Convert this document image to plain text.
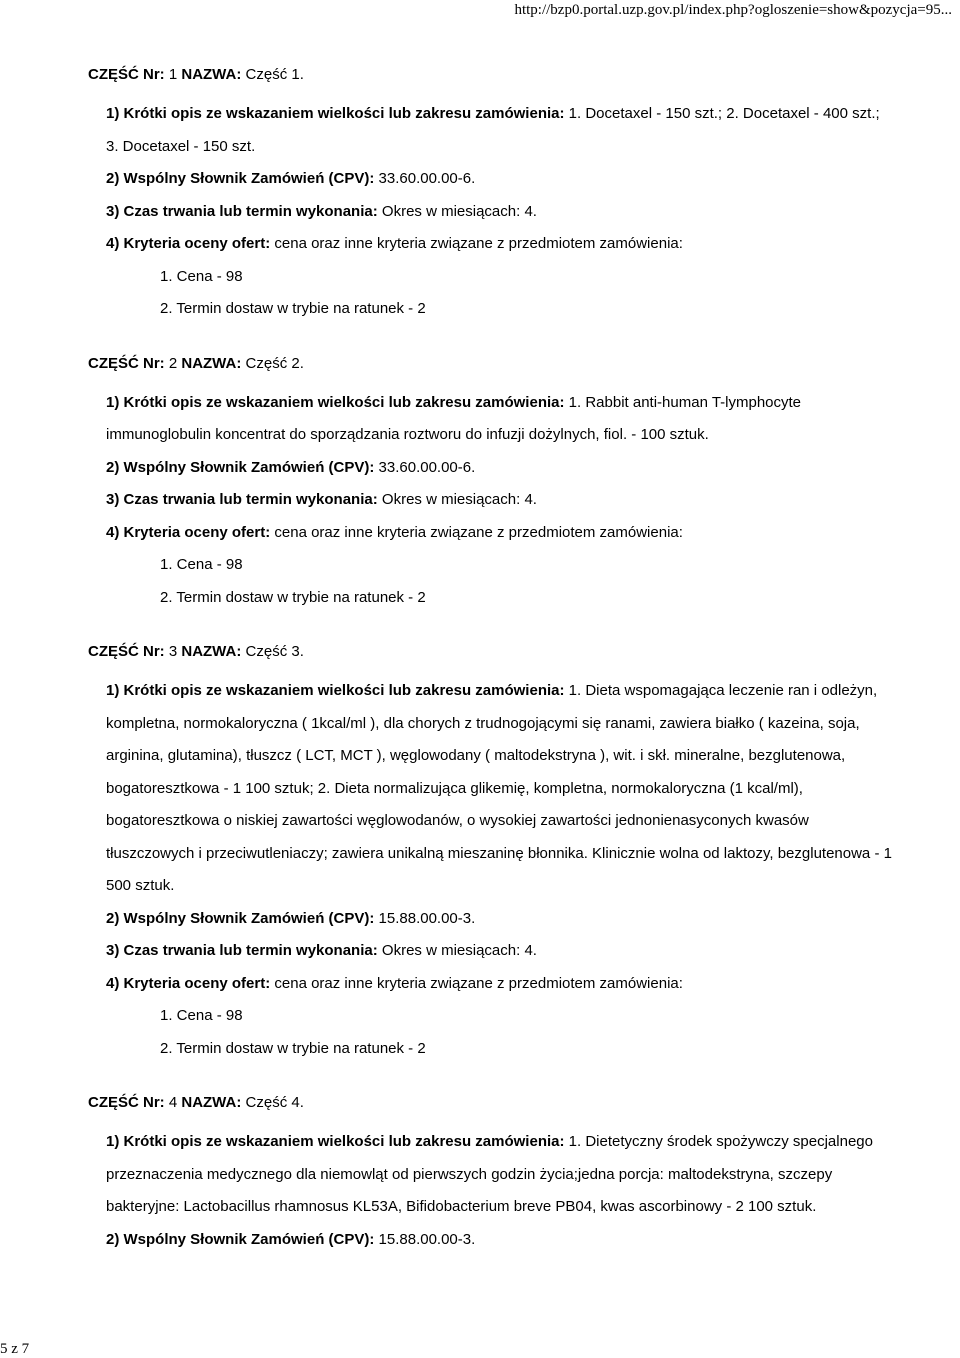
http://bzp0.portal.uzp.gov.pl/index.php?ogloszenie=show&pozycja=95...
CZĘŚĆ Nr: 1 NAZWA: Część 1.

1) Krótki opis ze wskazaniem wielkości lub zakresu zamówienia: 1. Docetaxel - 150 szt.; 2. Docetaxel - 400 szt.; 3. Docetaxel - 150 szt.

2) Wspólny Słownik Zamówień (CPV): 33.60.00.00-6.

3) Czas trwania lub termin wykonania: Okres w miesiącach: 4.

4) Kryteria oceny ofert: cena oraz inne kryteria związane z przedmiotem zamówienia:

1. Cena - 98
2. Termin dostaw w trybie na ratunek - 2
CZĘŚĆ Nr: 2 NAZWA: Część 2.

1) Krótki opis ze wskazaniem wielkości lub zakresu zamówienia: 1. Rabbit anti-human T-lymphocyte immunoglobulin koncentrat do sporządzania roztworu do infuzji dożylnych, fiol. - 100 sztuk.

2) Wspólny Słownik Zamówień (CPV): 33.60.00.00-6.

3) Czas trwania lub termin wykonania: Okres w miesiącach: 4.

4) Kryteria oceny ofert: cena oraz inne kryteria związane z przedmiotem zamówienia:

1. Cena - 98
2. Termin dostaw w trybie na ratunek - 2
CZĘŚĆ Nr: 3 NAZWA: Część 3.

1) Krótki opis ze wskazaniem wielkości lub zakresu zamówienia: 1. Dieta wspomagająca leczenie ran i odleżyn, kompletna, normokaloryczna ( 1kcal/ml ), dla chorych z trudnogojącymi się ranami, zawiera białko ( kazeina, soja, arginina, glutamina), tłuszcz ( LCT, MCT ), węglowodany ( maltodekstryna ), wit. i skł. mineralne, bezglutenowa, bogatoresztkowa - 1 100 sztuk; 2. Dieta normalizująca glikemię, kompletna, normokaloryczna (1 kcal/ml), bogatoresztkowa o niskiej zawartości węglowodanów, o wysokiej zawartości jednonienasyconych kwasów tłuszczowych i przeciwutleniaczy; zawiera unikalną mieszaninę błonnika. Klinicznie wolna od laktozy, bezglutenowa - 1 500 sztuk.

2) Wspólny Słownik Zamówień (CPV): 15.88.00.00-3.

3) Czas trwania lub termin wykonania: Okres w miesiącach: 4.

4) Kryteria oceny ofert: cena oraz inne kryteria związane z przedmiotem zamówienia:

1. Cena - 98
2. Termin dostaw w trybie na ratunek - 2
CZĘŚĆ Nr: 4 NAZWA: Część 4.

1) Krótki opis ze wskazaniem wielkości lub zakresu zamówienia: 1. Dietetyczny środek spożywczy specjalnego przeznaczenia medycznego dla niemowląt od pierwszych godzin życia;jedna porcja: maltodekstryna, szczepy bakteryjne: Lactobacillus rhamnosus KL53A, Bifidobacterium breve PB04, kwas ascorbinowy - 2 100 sztuk.

2) Wspólny Słownik Zamówień (CPV): 15.88.00.00-3.

5 z 7
